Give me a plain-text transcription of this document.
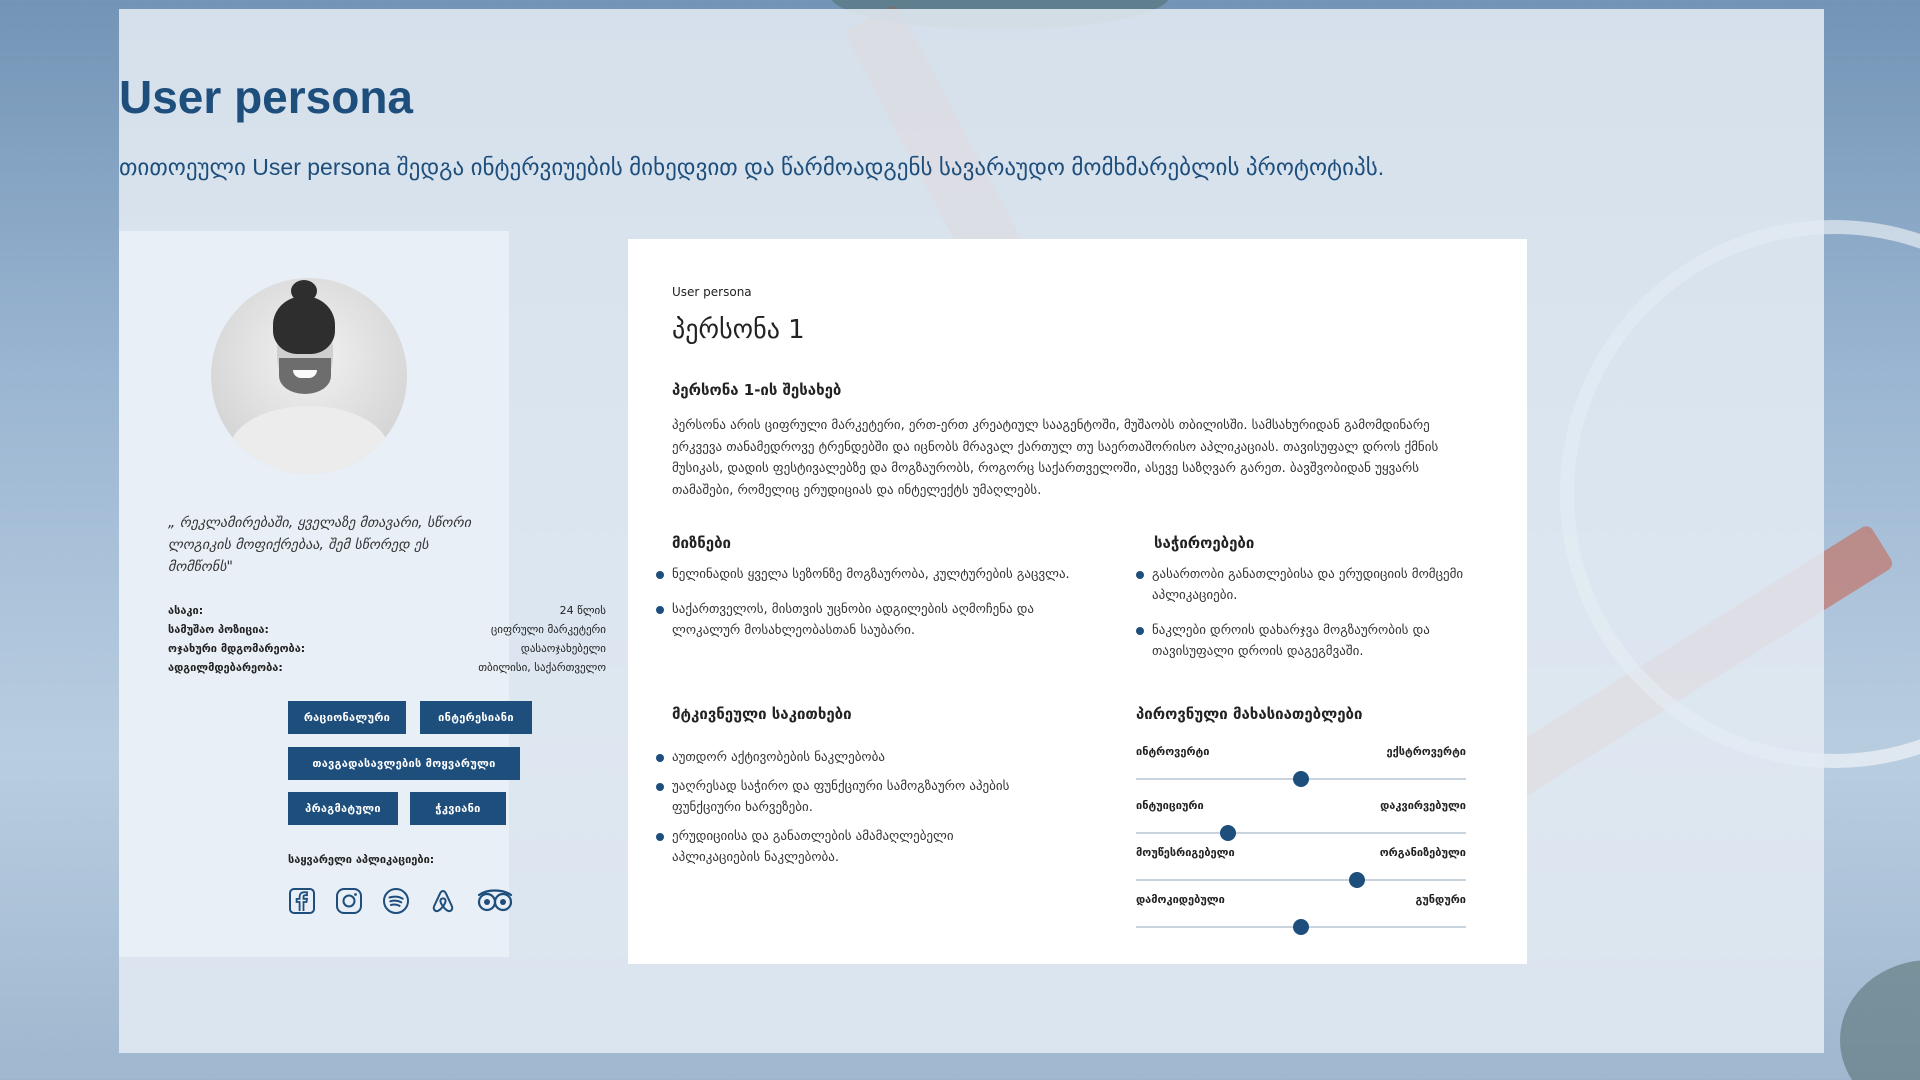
User persona

თითოეული User persona შედგა ინტერვიუების მიხედვით და წარმოადგენს სავარაუდო მომხმარებლის პროტოტიპს.

„ რეკლამირებაში, ყველაზე მთავარი, სწორი ლოგიკის მოფიქრებაა, შემ სწორედ ეს მომწონს"

ასაკი:	24 წლის
სამუშაო პოზიცია:	ციფრული მარკეტერი
ოჯახური მდგომარეობა:	დასაოჯახებელი
ადგილმდებარეობა:	თბილისი, საქართველო
რაციონალური	ინტერესიანი
თავგადასავლების მოყვარული
პრაგმატული	ჭკვიანი

საყვარელი აპლიკაციები:

User persona

პერსონა 1
პერსონა 1-ის შესახებ

პერსონა არის ციფრული მარკეტერი, ერთ-ერთ კრეატიულ სააგენტოში, მუშაობს თბილისში. სამსახურიდან გამომდინარე ერკვევა თანამედროვე ტრენდებში და იცნობს მრავალ ქართულ თუ საერთაშორისო აპლიკაციას. თავისუფალ დროს ქმნის მუსიკას, დადის ფესტივალებზე და მოგზაურობს, როგორც საქართველოში, ასევე საზღვარ გარეთ. ბავშვობიდან უყვარს თამაშები, რომელიც ერუდიციას და ინტელექტს უმაღლებს.

მიზნები
ნელინადის ყველა სეზონზე მოგზაურობა, კულტურების გაცვლა.
საქართველოს, მისთვის უცნობი ადგილების აღმოჩენა და ლოკალურ მოსახლეობასთან საუბარი.
საჭიროებები
გასართობი განათლებისა და ერუდიციის მომცემი აპლიკაციები.
ნაკლები დროის დახარჯვა მოგზაურობის და თავისუფალი დროის დაგეგმვაში.
მტკივნეული საკითხები
აუთდორ აქტივობების ნაკლებობა
უაღრესად საჭირო და ფუნქციური სამოგზაურო აპების ფუნქციური ხარვეზები.
ერუდიციისა და განათლების ამამაღლებელი აპლიკაციების ნაკლებობა.
პიროვნული მახასიათებლები
ინტროვერტი	ექსტროვერტი
ინტუიციური	დაკვირვებული
მოუწესრიგებელი	ორგანიზებული
დამოკიდებული	გუნდური
